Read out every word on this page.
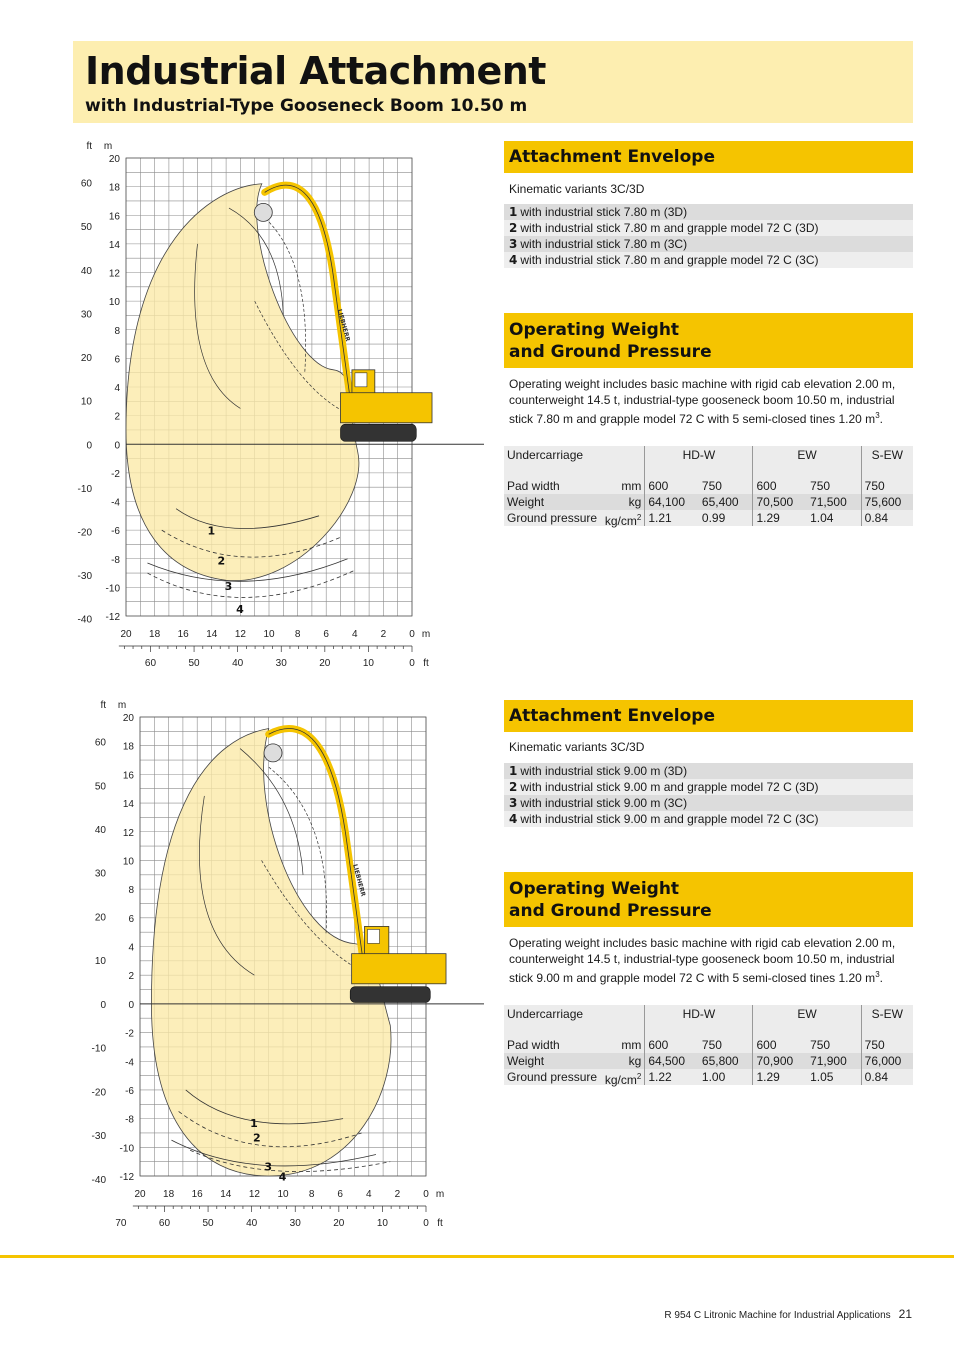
Industrial Attachment
with Industrial-Type Gooseneck Boom 10.50 m
LIEBHERR
1
2
3
4
20
18
16
14
12
10
8
6
4
2
0
-2
-4
-6
-8
-10
-12
60
50
40
30
20
10
0
-10
-20
-30
-40
m
ft
20 18 16 14 12 10 8 6 4 2 0 m
60	50	40	30	20	10	0 ft
LIEBHERR
1
2
3
4
20
18
16
14
12
10
8
6
4
2
0
-2
-4
-6
-8
-10
-12
60
50
40
30
20
10
0
-10
-20
-30
-40
m
ft
20 18 16 14 12 10 8 6 4 2 0 m
70	60	50	40	30	20	10	0 ft
Attachment Envelope
Kinematic variants 3C/3D
1 with industrial stick 7.80 m (3D)
2 with industrial stick 7.80 m and grapple model 72 C (3D)
3 with industrial stick 7.80 m (3C)
4 with industrial stick 7.80 m and grapple model 72 C (3C)
Operating Weight
and Ground Pressure
Operating weight includes basic machine with rigid cab elevation 2.00 m, counterweight 14.5 t, industrial-type gooseneck boom 10.50 m, industrial stick 7.80 m and grapple model 72 C with 5 semi-closed tines 1.20 $m^3$.
Undercarriage	HD-W		EW		S-EW
Pad width mm	600	750	600	750	750
Weight kg	64,100	65,400	70,500	71,500	75,600
Ground pressure $kg/cm^2$	1.21	0.99	1.29	1.04	0.84
Attachment Envelope
Kinematic variants 3C/3D
1 with industrial stick 9.00 m (3D)
2 with industrial stick 9.00 m and grapple model 72 C (3D)
3 with industrial stick 9.00 m (3C)
4 with industrial stick 9.00 m and grapple model 72 C (3C)
Operating Weight
and Ground Pressure
Operating weight includes basic machine with rigid cab elevation 2.00 m, counterweight 14.5 t, industrial-type gooseneck boom 10.50 m, industrial stick 9.00 m and grapple model 72 C with 5 semi-closed tines 1.20 $m^3$.
Undercarriage	HD-W		EW		S-EW
Pad width mm	600	750	600	750	750
Weight kg	64,500	65,800	70,900	71,900	76,000
Ground pressure $kg/cm^2$	1.22	1.00	1.29	1.05	0.84
R 954 C Litronic Machine for Industrial Applications 21
